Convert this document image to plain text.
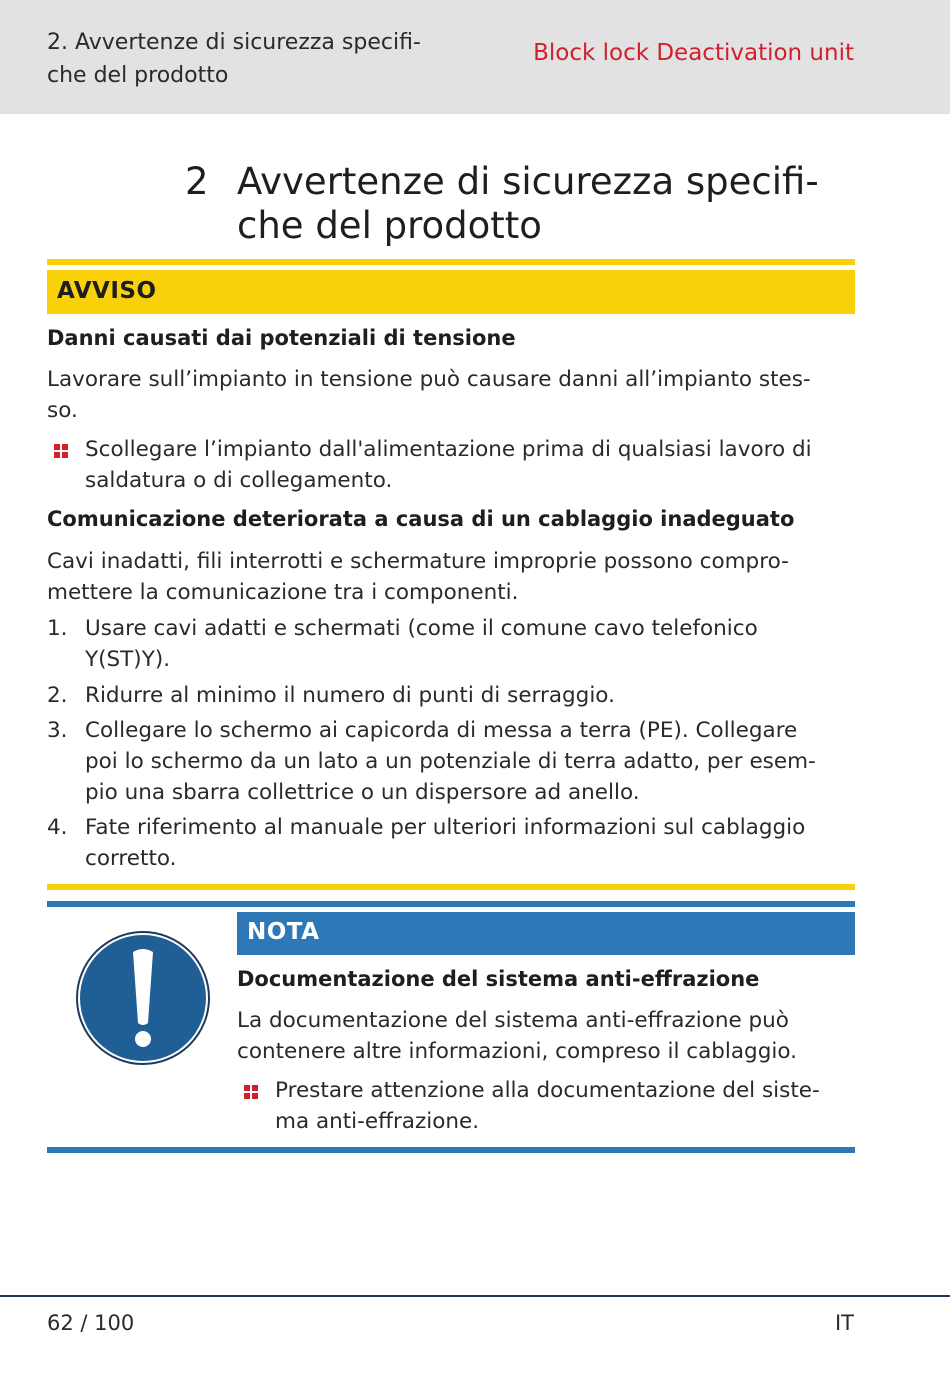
2. Avvertenze di sicurezza specifi-
che del prodotto
Block lock Deactivation unit
2 Avvertenze di sicurezza specifi-
che del prodotto
AVVISO
Danni causati dai potenziali di tensione
Lavorare sull’impianto in tensione può causare danni all’impianto stes-
so.
Scollegare l’impianto dall'alimentazione prima di qualsiasi lavoro di
saldatura o di collegamento.
Comunicazione deteriorata a causa di un cablaggio inadeguato
Cavi inadatti, fili interrotti e schermature improprie possono compro-
mettere la comunicazione tra i componenti.
1. Usare cavi adatti e schermati (come il comune cavo telefonico
Y(ST)Y).
2. Ridurre al minimo il numero di punti di serraggio.
3. Collegare lo schermo ai capicorda di messa a terra (PE). Collegare
poi lo schermo da un lato a un potenziale di terra adatto, per esem-
pio una sbarra collettrice o un dispersore ad anello.
4. Fate riferimento al manuale per ulteriori informazioni sul cablaggio
corretto.
NOTA
Documentazione del sistema anti-effrazione
La documentazione del sistema anti-effrazione può
contenere altre informazioni, compreso il cablaggio.
Prestare attenzione alla documentazione del siste-
ma anti-effrazione.
62 / 100	IT
